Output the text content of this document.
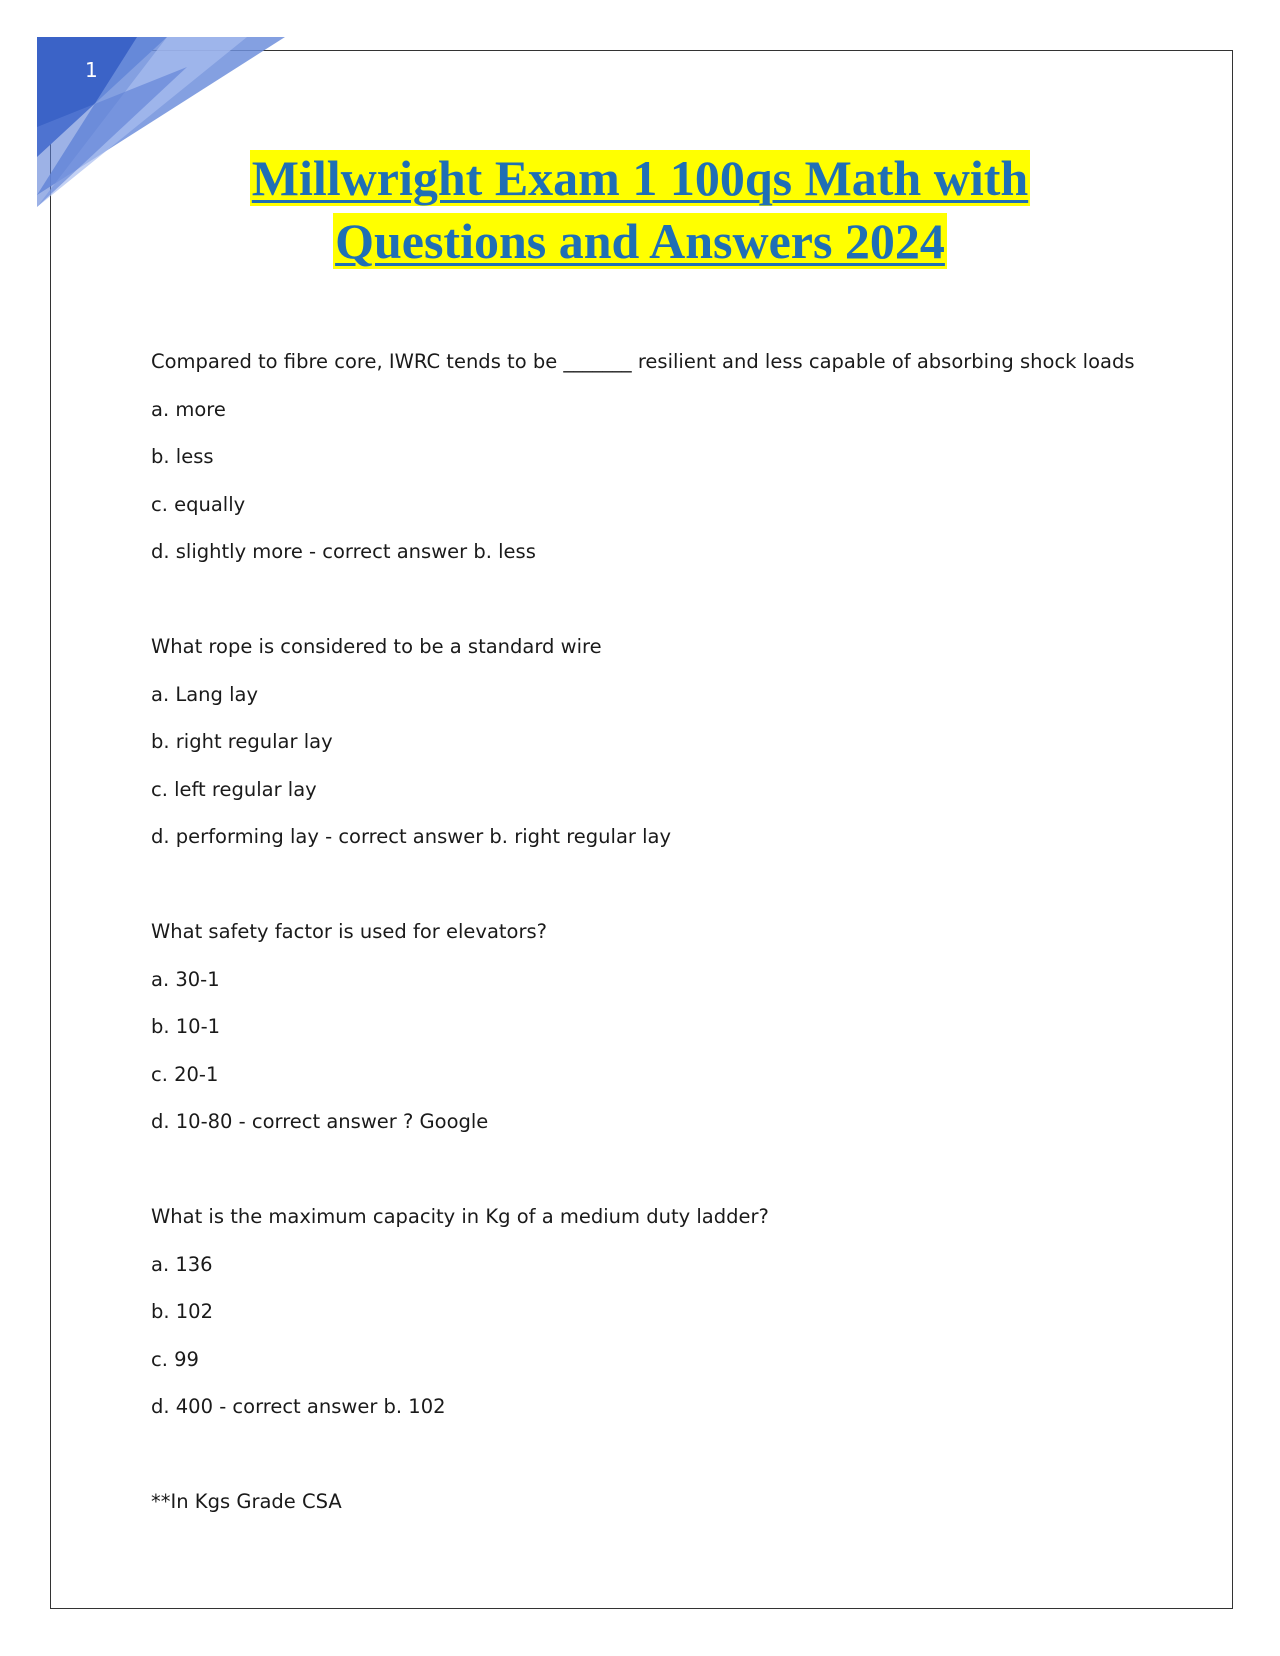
1
Millwright Exam 1 100qs Math with
Questions and Answers 2024
Compared to fibre core, IWRC tends to be _______ resilient and less capable of absorbing shock loads
a. more
b. less
c. equally
d. slightly more - correct answer b. less
What rope is considered to be a standard wire
a. Lang lay
b. right regular lay
c. left regular lay
d. performing lay - correct answer b. right regular lay
What safety factor is used for elevators?
a. 30-1
b. 10-1
c. 20-1
d. 10-80 - correct answer ? Google
What is the maximum capacity in Kg of a medium duty ladder?
a. 136
b. 102
c. 99
d. 400 - correct answer b. 102
**In Kgs Grade CSA
